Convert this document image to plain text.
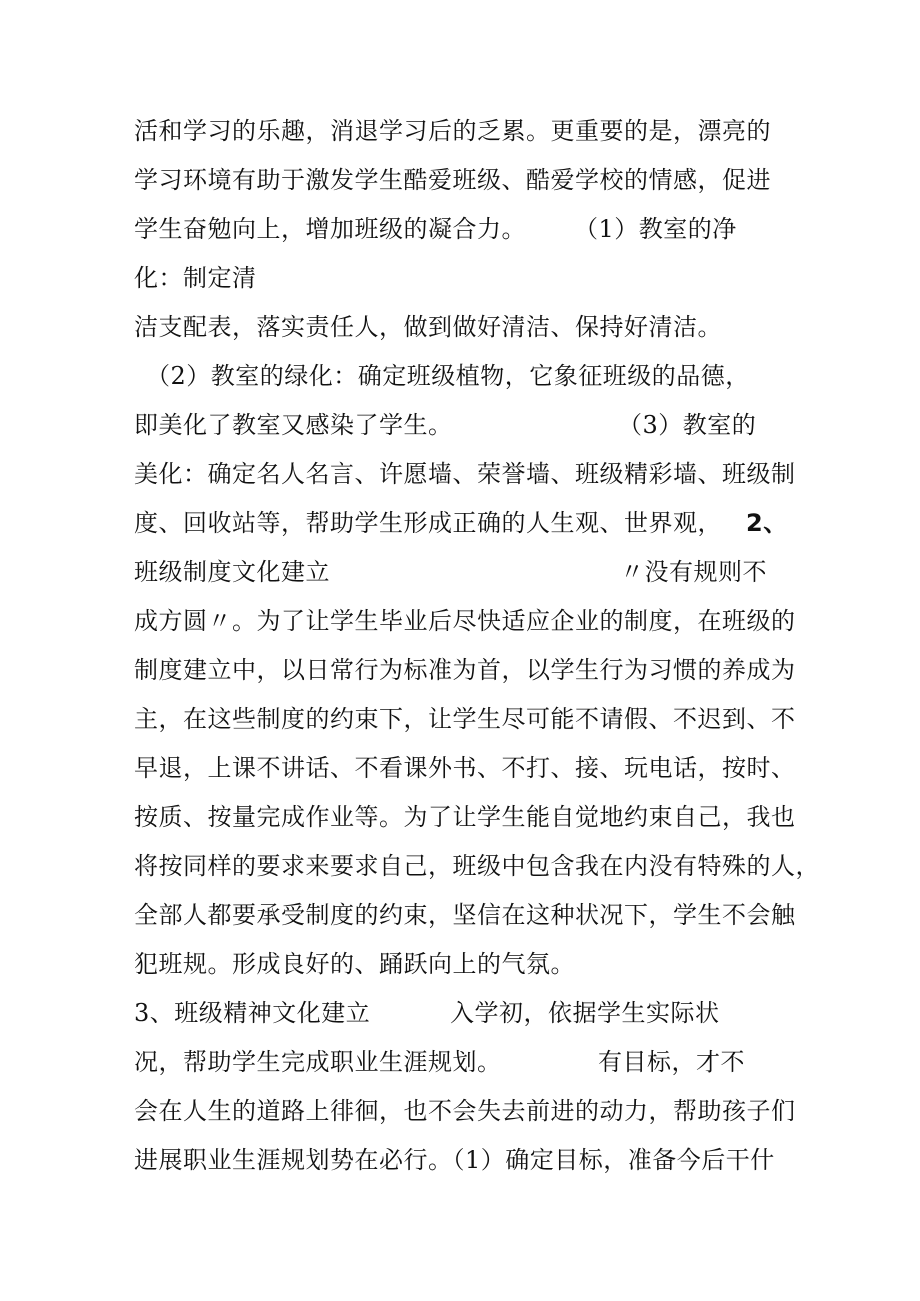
活和学习的乐趣，消退学习后的乏累。更重要的是，漂亮的
学习环境有助于激发学生酷爱班级、酷爱学校的情感，促进
学生奋勉向上，增加班级的凝合力。 （1）教室的净
化：制定清
洁支配表，落实责任人，做到做好清洁、保持好清洁。
（2）教室的绿化：确定班级植物，它象征班级的品德，
即美化了教室又感染了学生。	（3）教室的
美化：确定名人名言、许愿墙、荣誉墙、班级精彩墙、班级制
度、回收站等，帮助学生形成正确的人生观、世界观， 2、
班级制度文化建立	〃没有规则不
成方圆〃。为了让学生毕业后尽快适应企业的制度，在班级的
制度建立中，以日常行为标准为首，以学生行为习惯的养成为
主，在这些制度的约束下，让学生尽可能不请假、不迟到、不
早退，上课不讲话、不看课外书、不打、接、玩电话，按时、
按质、按量完成作业等。为了让学生能自觉地约束自己，我也
将按同样的要求来要求自己，班级中包含我在内没有特殊的人，
全部人都要承受制度的约束，坚信在这种状况下，学生不会触
犯班规。形成良好的、踊跃向上的气氛。
3、班级精神文化建立	入学初，依据学生实际状
况，帮助学生完成职业生涯规划。	有目标，才不
会在人生的道路上徘徊，也不会失去前进的动力，帮助孩子们
进展职业生涯规划势在必行。（1）确定目标，准备今后干什
